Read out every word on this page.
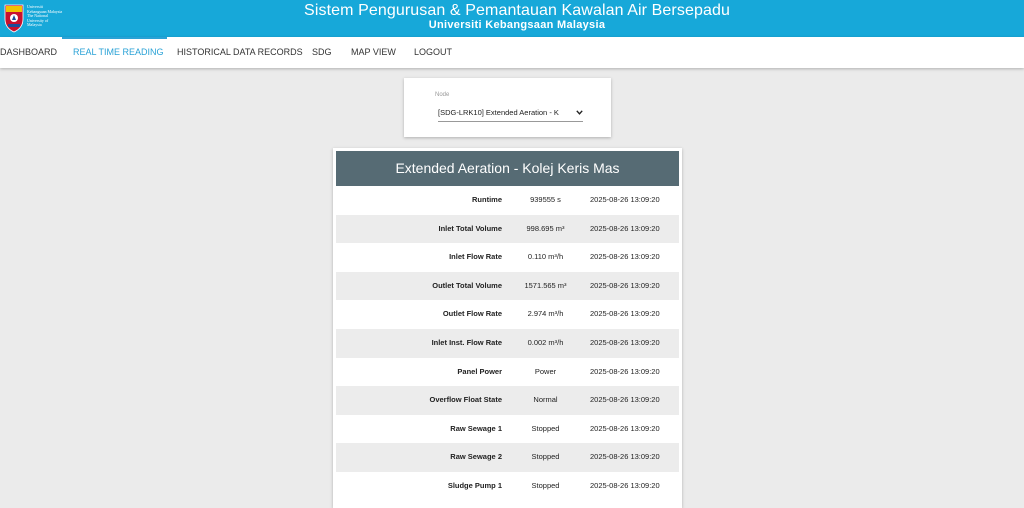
Universiti Kebangsaan Malaysia The National University of Malaysia
Sistem Pengurusan & Pemantauan Kawalan Air Bersepadu
Universiti Kebangsaan Malaysia
DASHBOARD REAL TIME READING HISTORICAL DATA RECORDS SDG MAP VIEW LOGOUT
Node
[SDG-LRK10] Extended Aeration - K
Extended Aeration - Kolej Keris Mas
Runtime	939555 s	2025-08-26 13:09:20
Inlet Total Volume	998.695 m³	2025-08-26 13:09:20
Inlet Flow Rate	0.110 m³/h	2025-08-26 13:09:20
Outlet Total Volume	1571.565 m³	2025-08-26 13:09:20
Outlet Flow Rate	2.974 m³/h	2025-08-26 13:09:20
Inlet Inst. Flow Rate	0.002 m³/h	2025-08-26 13:09:20
Panel Power	Power	2025-08-26 13:09:20
Overflow Float State	Normal	2025-08-26 13:09:20
Raw Sewage 1	Stopped	2025-08-26 13:09:20
Raw Sewage 2	Stopped	2025-08-26 13:09:20
Sludge Pump 1	Stopped	2025-08-26 13:09:20
